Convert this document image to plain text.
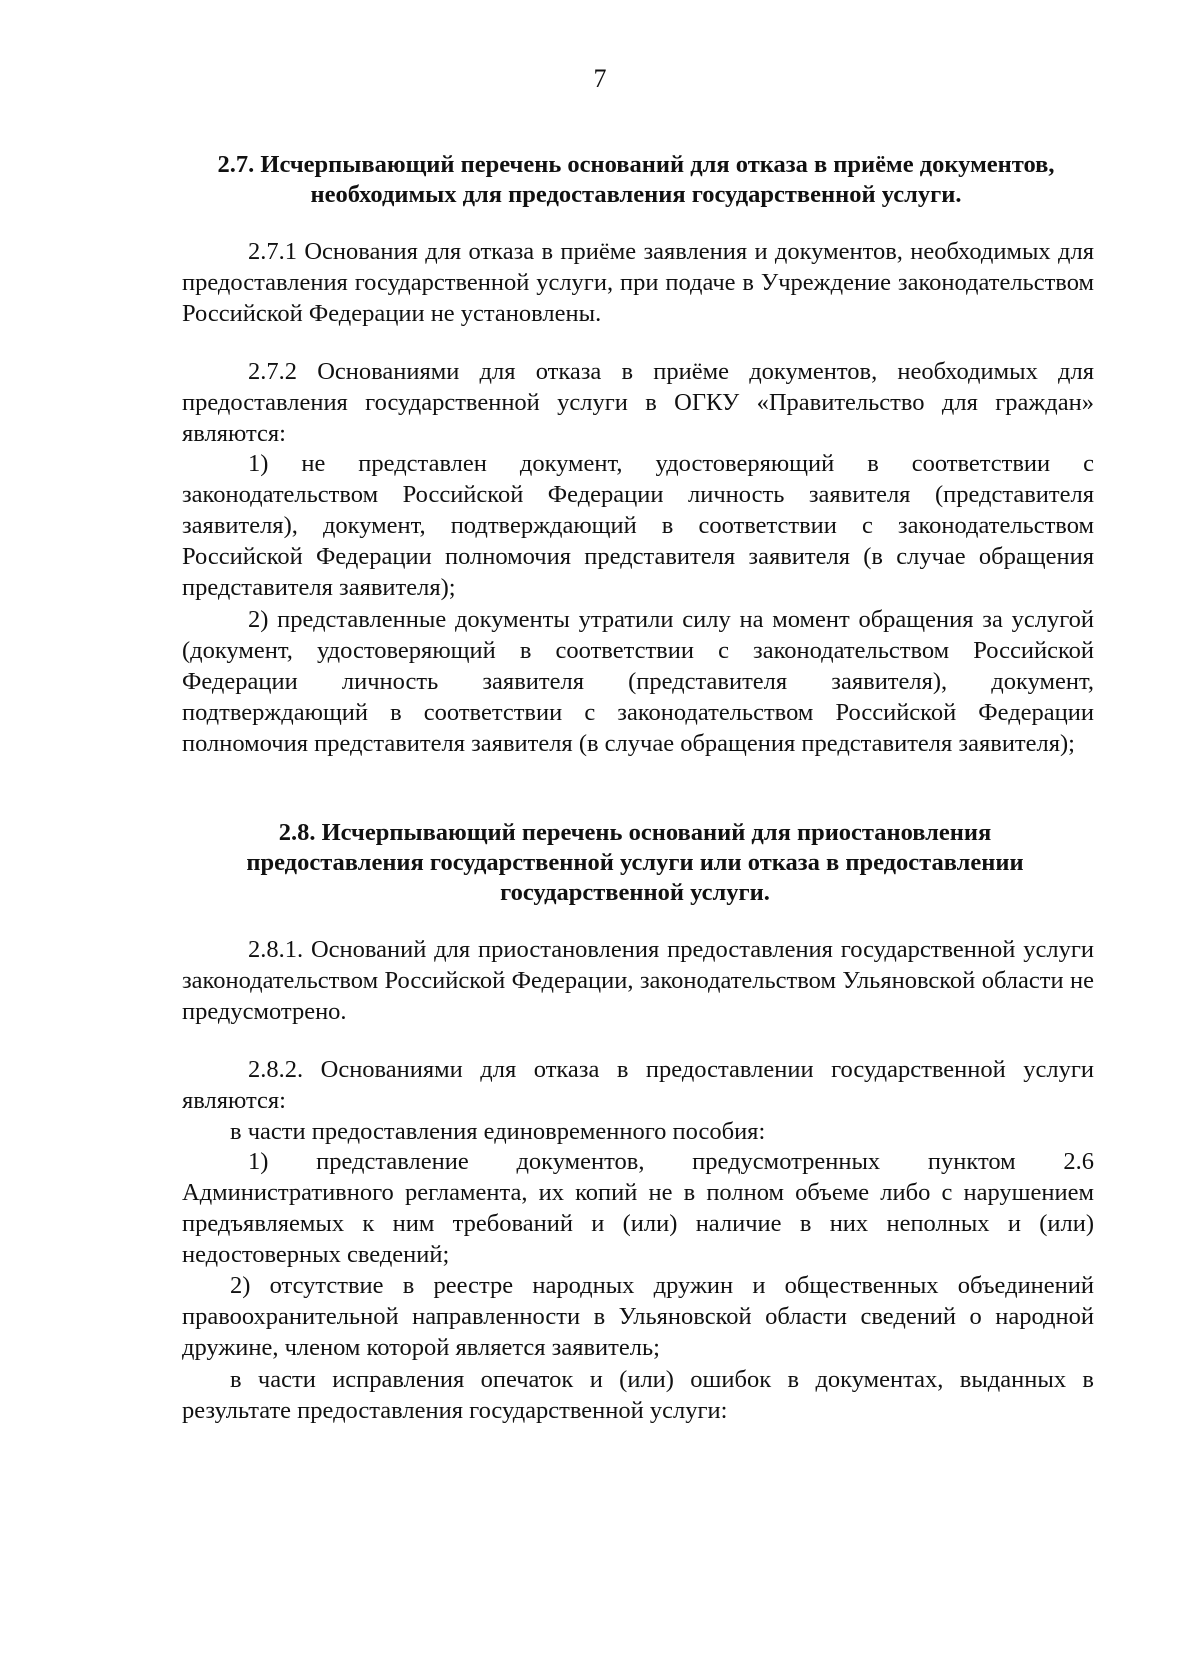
7
2.7. Исчерпывающий перечень оснований для отказа в приёме документов, необходимых для предоставления государственной услуги.
2.7.1 Основания для отказа в приёме заявления и документов, необходимых для предоставления государственной услуги, при подаче в Учреждение законодательством Российской Федерации не установлены.
2.7.2 Основаниями для отказа в приёме документов, необходимых для предоставления государственной услуги в ОГКУ «Правительство для граждан» являются:
1) не представлен документ, удостоверяющий в соответствии с законодательством Российской Федерации личность заявителя (представителя заявителя), документ, подтверждающий в соответствии с законодательством Российской Федерации полномочия представителя заявителя (в случае обращения представителя заявителя);
2) представленные документы утратили силу на момент обращения за услугой (документ, удостоверяющий в соответствии с законодательством Российской Федерации личность заявителя (представителя заявителя), документ, подтверждающий в соответствии с законодательством Российской Федерации полномочия представителя заявителя (в случае обращения представителя заявителя);
2.8. Исчерпывающий перечень оснований для приостановления предоставления государственной услуги или отказа в предоставлении государственной услуги.
2.8.1. Оснований для приостановления предоставления государственной услуги законодательством Российской Федерации, законодательством Ульяновской области не предусмотрено.
2.8.2. Основаниями для отказа в предоставлении государственной услуги являются:
в части предоставления единовременного пособия:
1) представление документов, предусмотренных пунктом 2.6 Административного регламента, их копий не в полном объеме либо с нарушением предъявляемых к ним требований и (или) наличие в них неполных и (или) недостоверных сведений;
2) отсутствие в реестре народных дружин и общественных объединений правоохранительной направленности в Ульяновской области сведений о народной дружине, членом которой является заявитель;
в части исправления опечаток и (или) ошибок в документах, выданных в результате предоставления государственной услуги:
